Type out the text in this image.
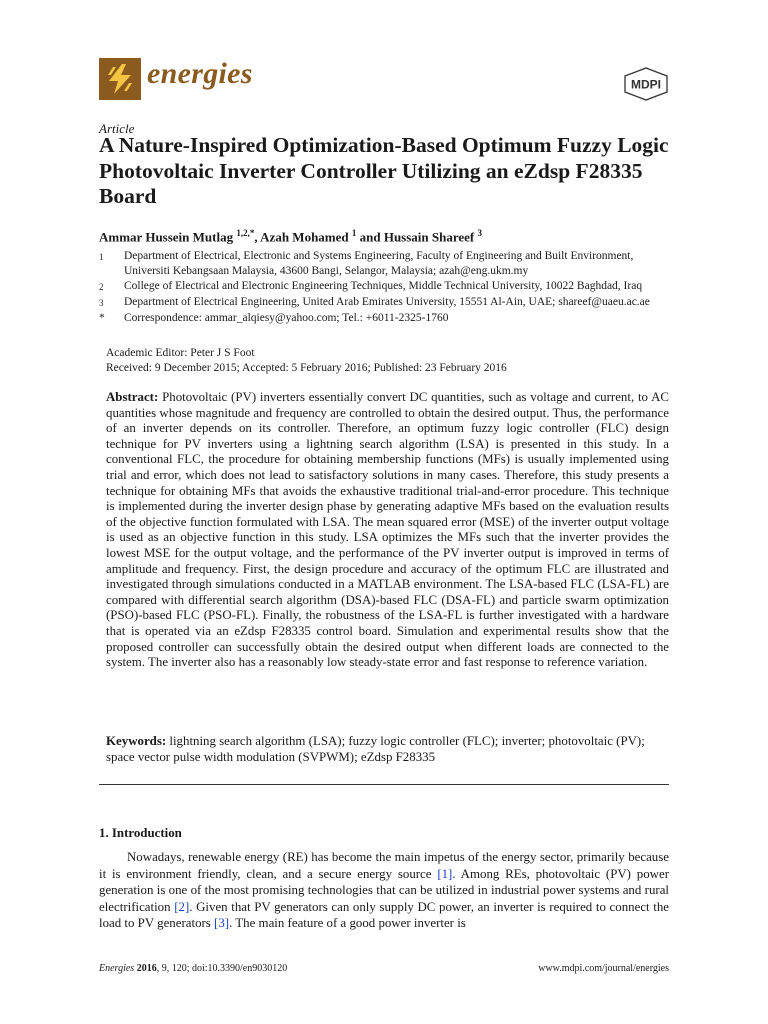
energies	MDPI
Article
A Nature-Inspired Optimization-Based Optimum Fuzzy Logic Photovoltaic Inverter Controller Utilizing an eZdsp F28335 Board
Ammar Hussein Mutlag $^{1,2,*}$, Azah Mohamed $^1$ and Hussain Shareef $^3$
1	Department of Electrical, Electronic and Systems Engineering, Faculty of Engineering and Built Environment, Universiti Kebangsaan Malaysia, 43600 Bangi, Selangor, Malaysia; azah@eng.ukm.my
2	College of Electrical and Electronic Engineering Techniques, Middle Technical University, 10022 Baghdad, Iraq
3	Department of Electrical Engineering, United Arab Emirates University, 15551 Al-Ain, UAE; shareef@uaeu.ac.ae
*	Correspondence: ammar_alqiesy@yahoo.com; Tel.: +6011-2325-1760
Academic Editor: Peter J S Foot
Received: 9 December 2015; Accepted: 5 February 2016; Published: 23 February 2016

Abstract: Photovoltaic (PV) inverters essentially convert DC quantities, such as voltage and current, to AC quantities whose magnitude and frequency are controlled to obtain the desired output. Thus, the performance of an inverter depends on its controller. Therefore, an optimum fuzzy logic controller (FLC) design technique for PV inverters using a lightning search algorithm (LSA) is presented in this study. In a conventional FLC, the procedure for obtaining membership functions (MFs) is usually implemented using trial and error, which does not lead to satisfactory solutions in many cases. Therefore, this study presents a technique for obtaining MFs that avoids the exhaustive traditional trial-and-error procedure. This technique is implemented during the inverter design phase by generating adaptive MFs based on the evaluation results of the objective function formulated with LSA. The mean squared error (MSE) of the inverter output voltage is used as an objective function in this study. LSA optimizes the MFs such that the inverter provides the lowest MSE for the output voltage, and the performance of the PV inverter output is improved in terms of amplitude and frequency. First, the design procedure and accuracy of the optimum FLC are illustrated and investigated through simulations conducted in a MATLAB environment. The LSA-based FLC (LSA-FL) are compared with differential search algorithm (DSA)-based FLC (DSA-FL) and particle swarm optimization (PSO)-based FLC (PSO-FL). Finally, the robustness of the LSA-FL is further investigated with a hardware that is operated via an eZdsp F28335 control board. Simulation and experimental results show that the proposed controller can successfully obtain the desired output when different loads are connected to the system. The inverter also has a reasonably low steady-state error and fast response to reference variation.

Keywords: lightning search algorithm (LSA); fuzzy logic controller (FLC); inverter; photovoltaic (PV); space vector pulse width modulation (SVPWM); eZdsp F28335

1. Introduction

Nowadays, renewable energy (RE) has become the main impetus of the energy sector, primarily because it is environment friendly, clean, and a secure energy source [1]. Among REs, photovoltaic (PV) power generation is one of the most promising technologies that can be utilized in industrial power systems and rural electrification [2]. Given that PV generators can only supply DC power, an inverter is required to connect the load to PV generators [3]. The main feature of a good power inverter is

Energies 2016, 9, 120; doi:10.3390/en9030120	www.mdpi.com/journal/energies
